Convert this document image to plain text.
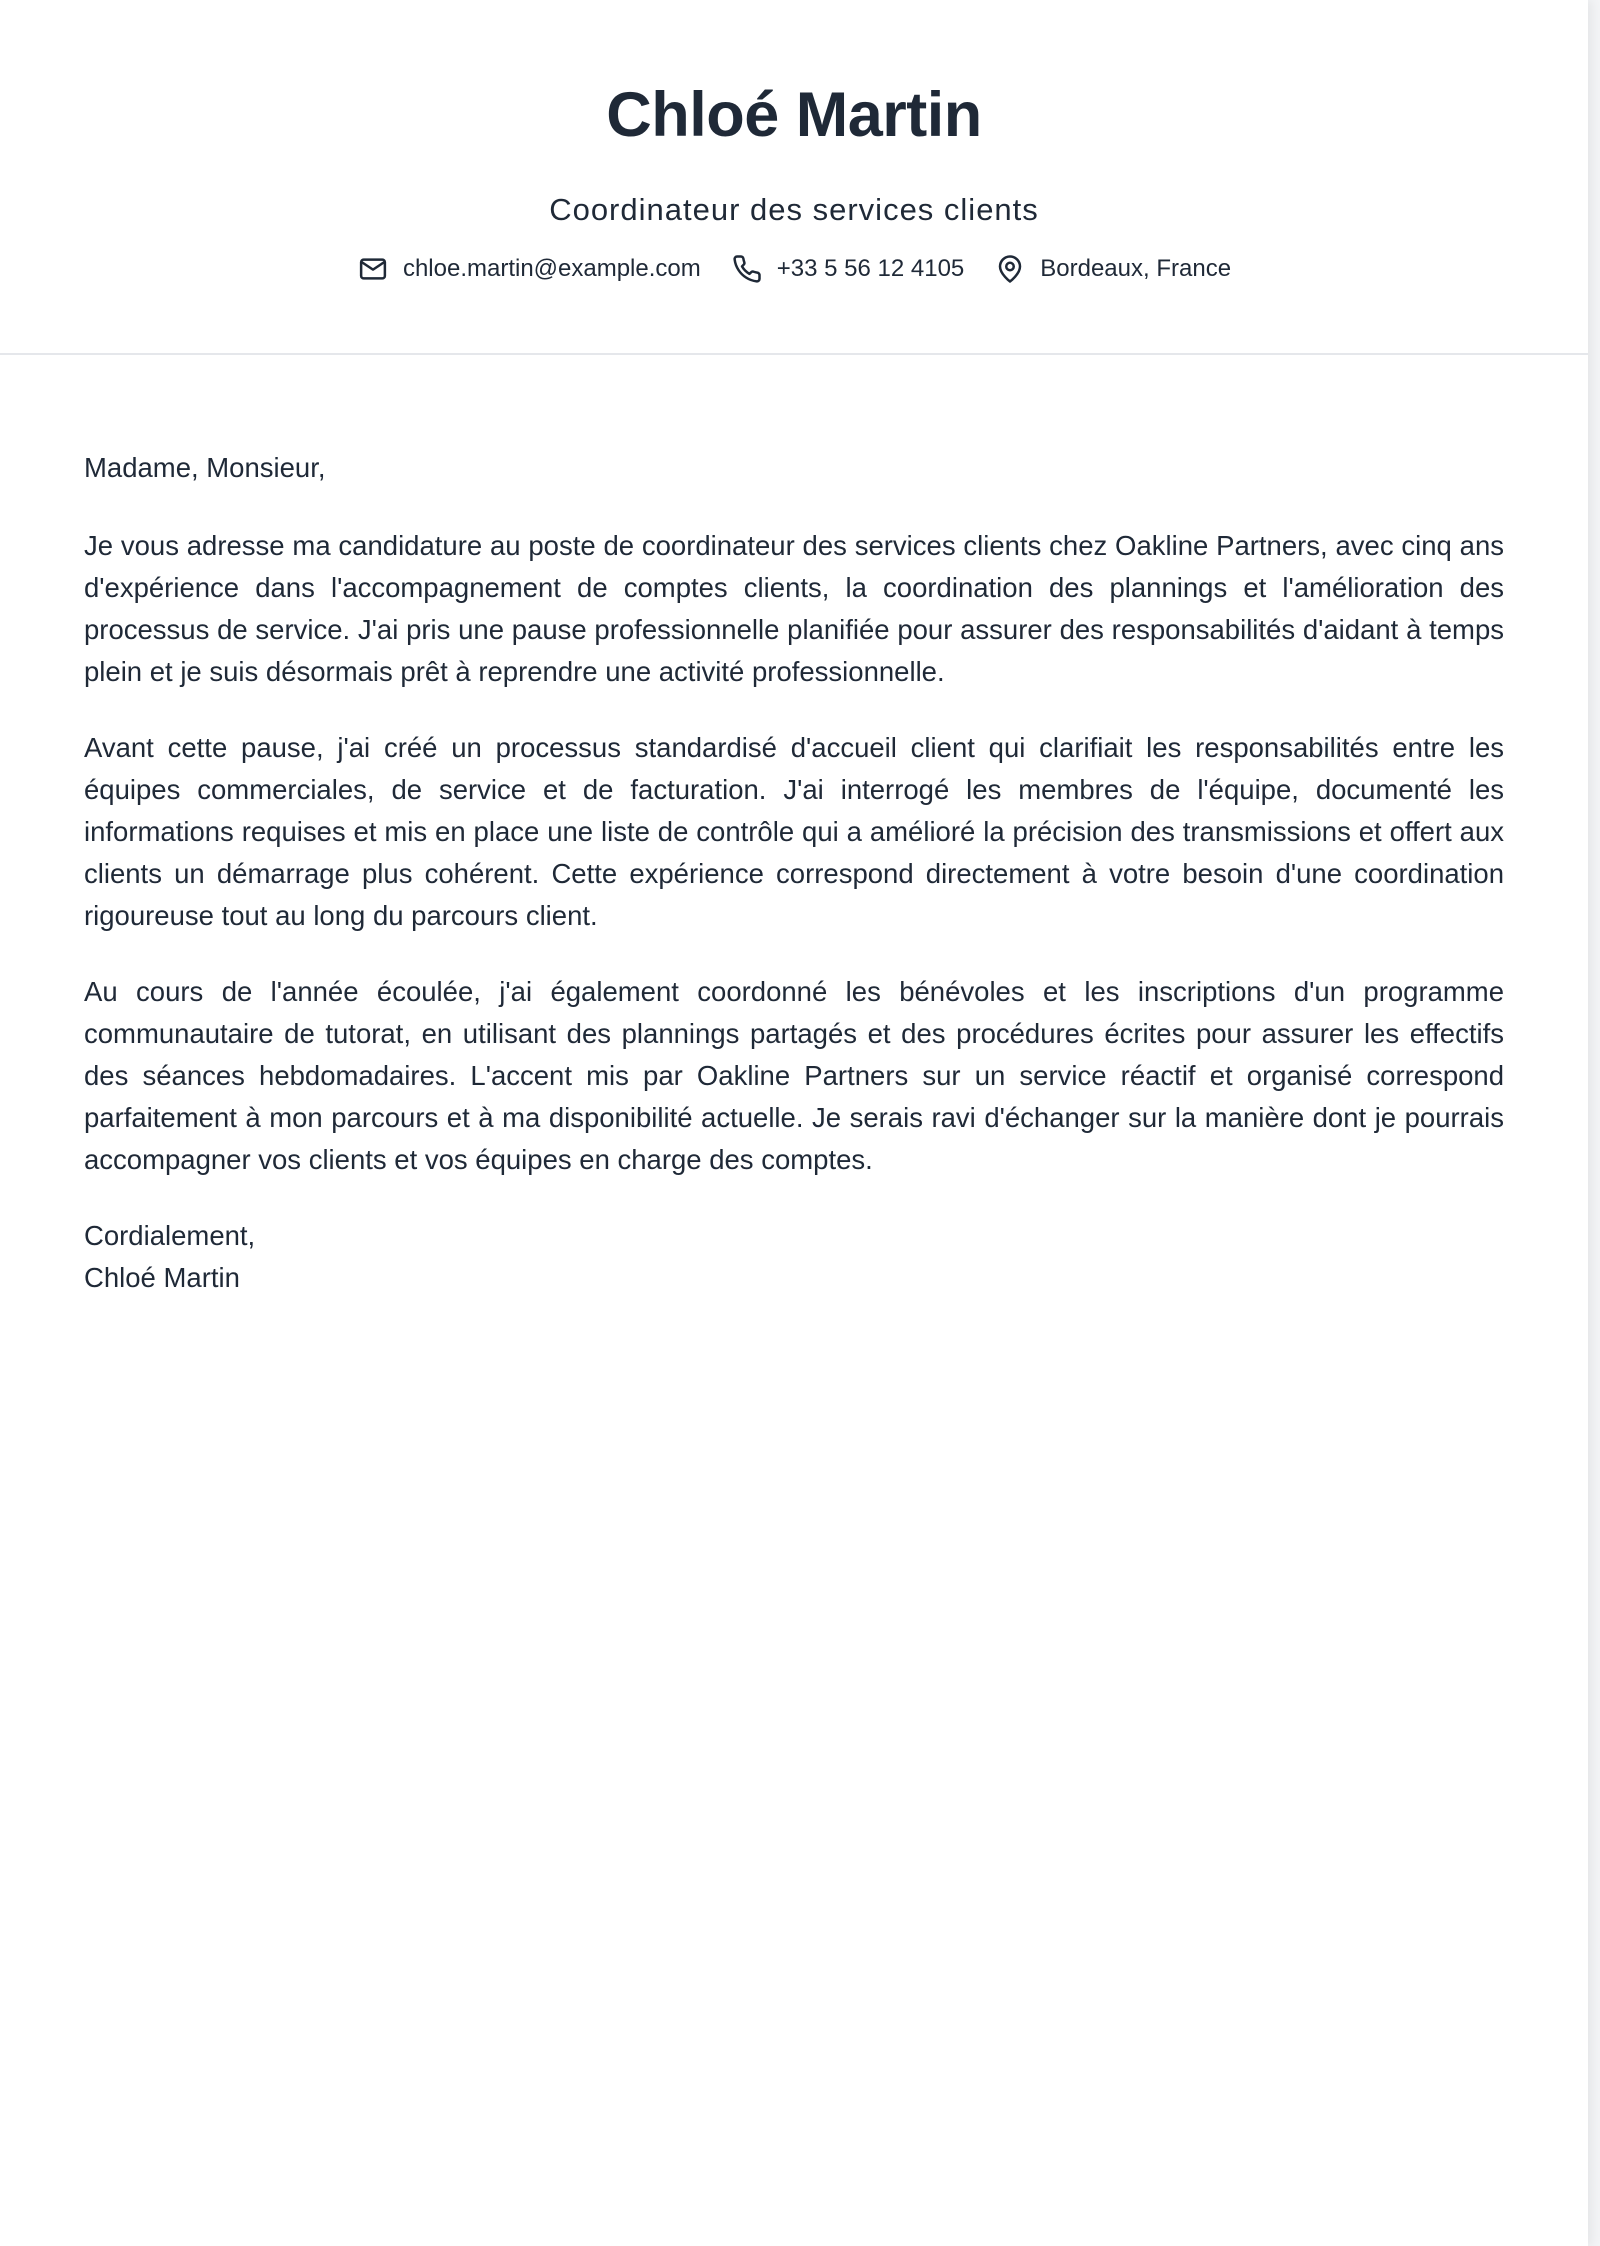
Chloé Martin
Coordinateur des services clients
chloe.martin@example.com	+33 5 56 12 4105	Bordeaux, France

Madame, Monsieur,

Je vous adresse ma candidature au poste de coordinateur des services clients chez Oakline Partners, avec cinq ans d'expérience dans l'accompagnement de comptes clients, la coordination des plannings et l'amélioration des processus de service. J'ai pris une pause professionnelle planifiée pour assurer des responsabilités d'aidant à temps plein et je suis désormais prêt à reprendre une activité professionnelle.

Avant cette pause, j'ai créé un processus standardisé d'accueil client qui clarifiait les responsabilités entre les équipes commerciales, de service et de facturation. J'ai interrogé les membres de l'équipe, documenté les informations requises et mis en place une liste de contrôle qui a amélioré la précision des transmissions et offert aux clients un démarrage plus cohérent. Cette expérience correspond directement à votre besoin d'une coordination rigoureuse tout au long du parcours client.

Au cours de l'année écoulée, j'ai également coordonné les bénévoles et les inscriptions d'un programme communautaire de tutorat, en utilisant des plannings partagés et des procédures écrites pour assurer les effectifs des séances hebdomadaires. L'accent mis par Oakline Partners sur un service réactif et organisé correspond parfaitement à mon parcours et à ma disponibilité actuelle. Je serais ravi d'échanger sur la manière dont je pourrais accompagner vos clients et vos équipes en charge des comptes.

Cordialement,
Chloé Martin
